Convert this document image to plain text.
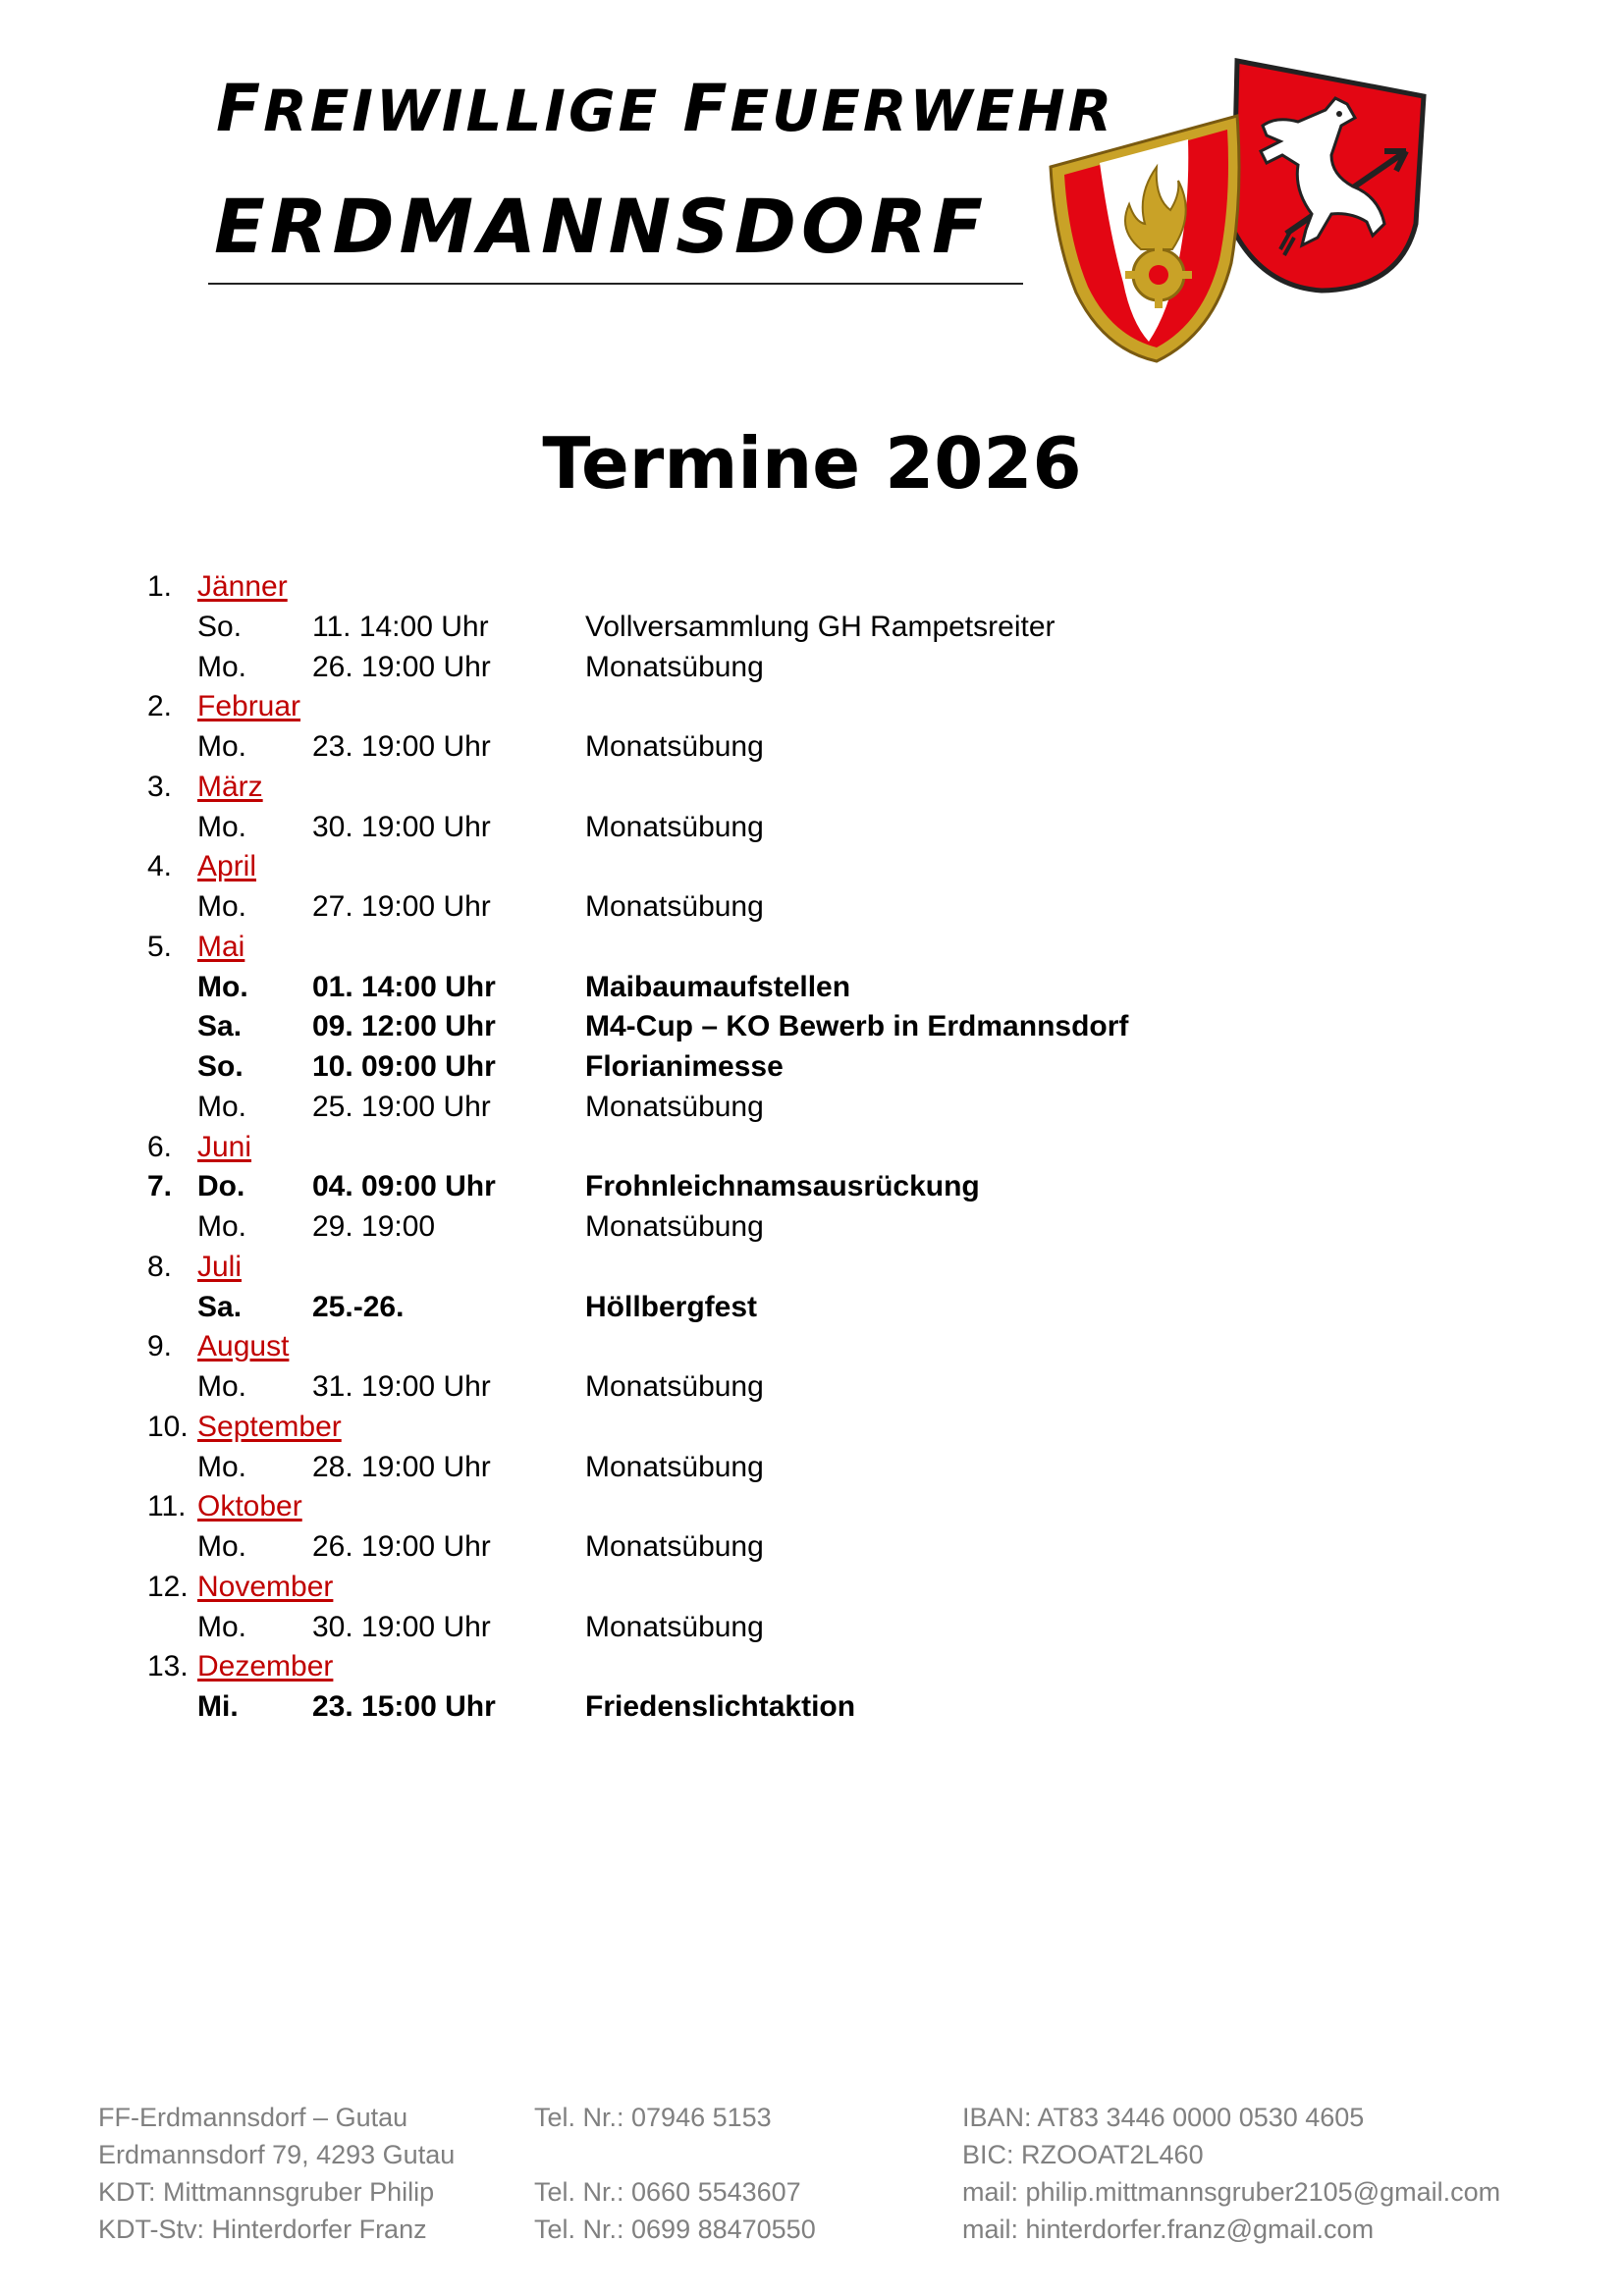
FREIWILLIGE FEUERWEHR
ERDMANNSDORF
Termine 2026
1. Jänner
So. 11. 14:00 Uhr	Vollversammlung GH Rampetsreiter
Mo. 26. 19:00 Uhr	Monatsübung
2. Februar
Mo. 23. 19:00 Uhr	Monatsübung
3. März
Mo. 30. 19:00 Uhr	Monatsübung
4. April
Mo. 27. 19:00 Uhr	Monatsübung
5. Mai
Mo. 01. 14:00 Uhr	Maibaumaufstellen
Sa. 09. 12:00 Uhr	M4-Cup – KO Bewerb in Erdmannsdorf
So. 10. 09:00 Uhr	Florianimesse
Mo. 25. 19:00 Uhr	Monatsübung
6. Juni
7. Do. 04. 09:00 Uhr	Frohnleichnamsausrückung
Mo. 29. 19:00	Monatsübung
8. Juli
Sa. 25.-26.	Höllbergfest
9. August
Mo. 31. 19:00 Uhr	Monatsübung
10. September
Mo. 28. 19:00 Uhr	Monatsübung
11. Oktober
Mo. 26. 19:00 Uhr	Monatsübung
12. November
Mo. 30. 19:00 Uhr	Monatsübung
13. Dezember
Mi.	23. 15:00 Uhr	Friedenslichtaktion
FF-Erdmannsdorf – Gutau
Erdmannsdorf 79, 4293 Gutau
KDT: Mittmannsgruber Philip
KDT-Stv: Hinterdorfer Franz
Tel. Nr.: 07946 5153
Tel. Nr.: 0660 5543607
Tel. Nr.: 0699 88470550
IBAN: AT83 3446 0000 0530 4605
BIC: RZOOAT2L460
mail: philip.mittmannsgruber2105@gmail.com
mail: hinterdorfer.franz@gmail.com
